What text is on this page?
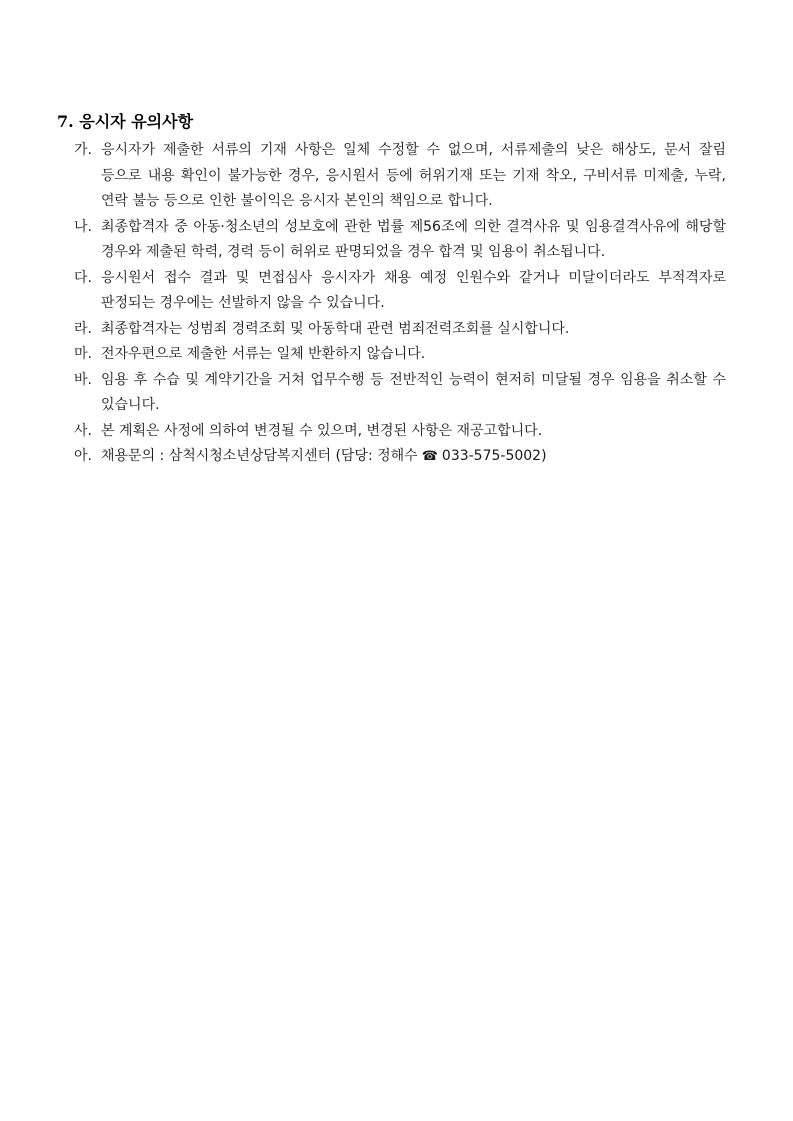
7. 응시자 유의사항
가. 응시자가 제출한 서류의 기재 사항은 일체 수정할 수 없으며, 서류제출의 낮은 해상도, 문서 잘림 등으로 내용 확인이 불가능한 경우, 응시원서 등에 허위기재 또는 기재 착오, 구비서류 미제출, 누락, 연락 불능 등으로 인한 불이익은 응시자 본인의 책임으로 합니다.
나. 최종합격자 중 아동·청소년의 성보호에 관한 법률 제56조에 의한 결격사유 및 임용결격사유에 해당할 경우와 제출된 학력, 경력 등이 허위로 판명되었을 경우 합격 및 임용이 취소됩니다.
다. 응시원서 접수 결과 및 면접심사 응시자가 채용 예정 인원수와 같거나 미달이더라도 부적격자로 판정되는 경우에는 선발하지 않을 수 있습니다.
라. 최종합격자는 성범죄 경력조회 및 아동학대 관련 범죄전력조회를 실시합니다.
마. 전자우편으로 제출한 서류는 일체 반환하지 않습니다.
바. 임용 후 수습 및 계약기간을 거쳐 업무수행 등 전반적인 능력이 현저히 미달될 경우 임용을 취소할 수 있습니다.
사. 본 계획은 사정에 의하여 변경될 수 있으며, 변경된 사항은 재공고합니다.
아. 채용문의 : 삼척시청소년상담복지센터 (담당: 정해수 ☎ 033-575-5002)
